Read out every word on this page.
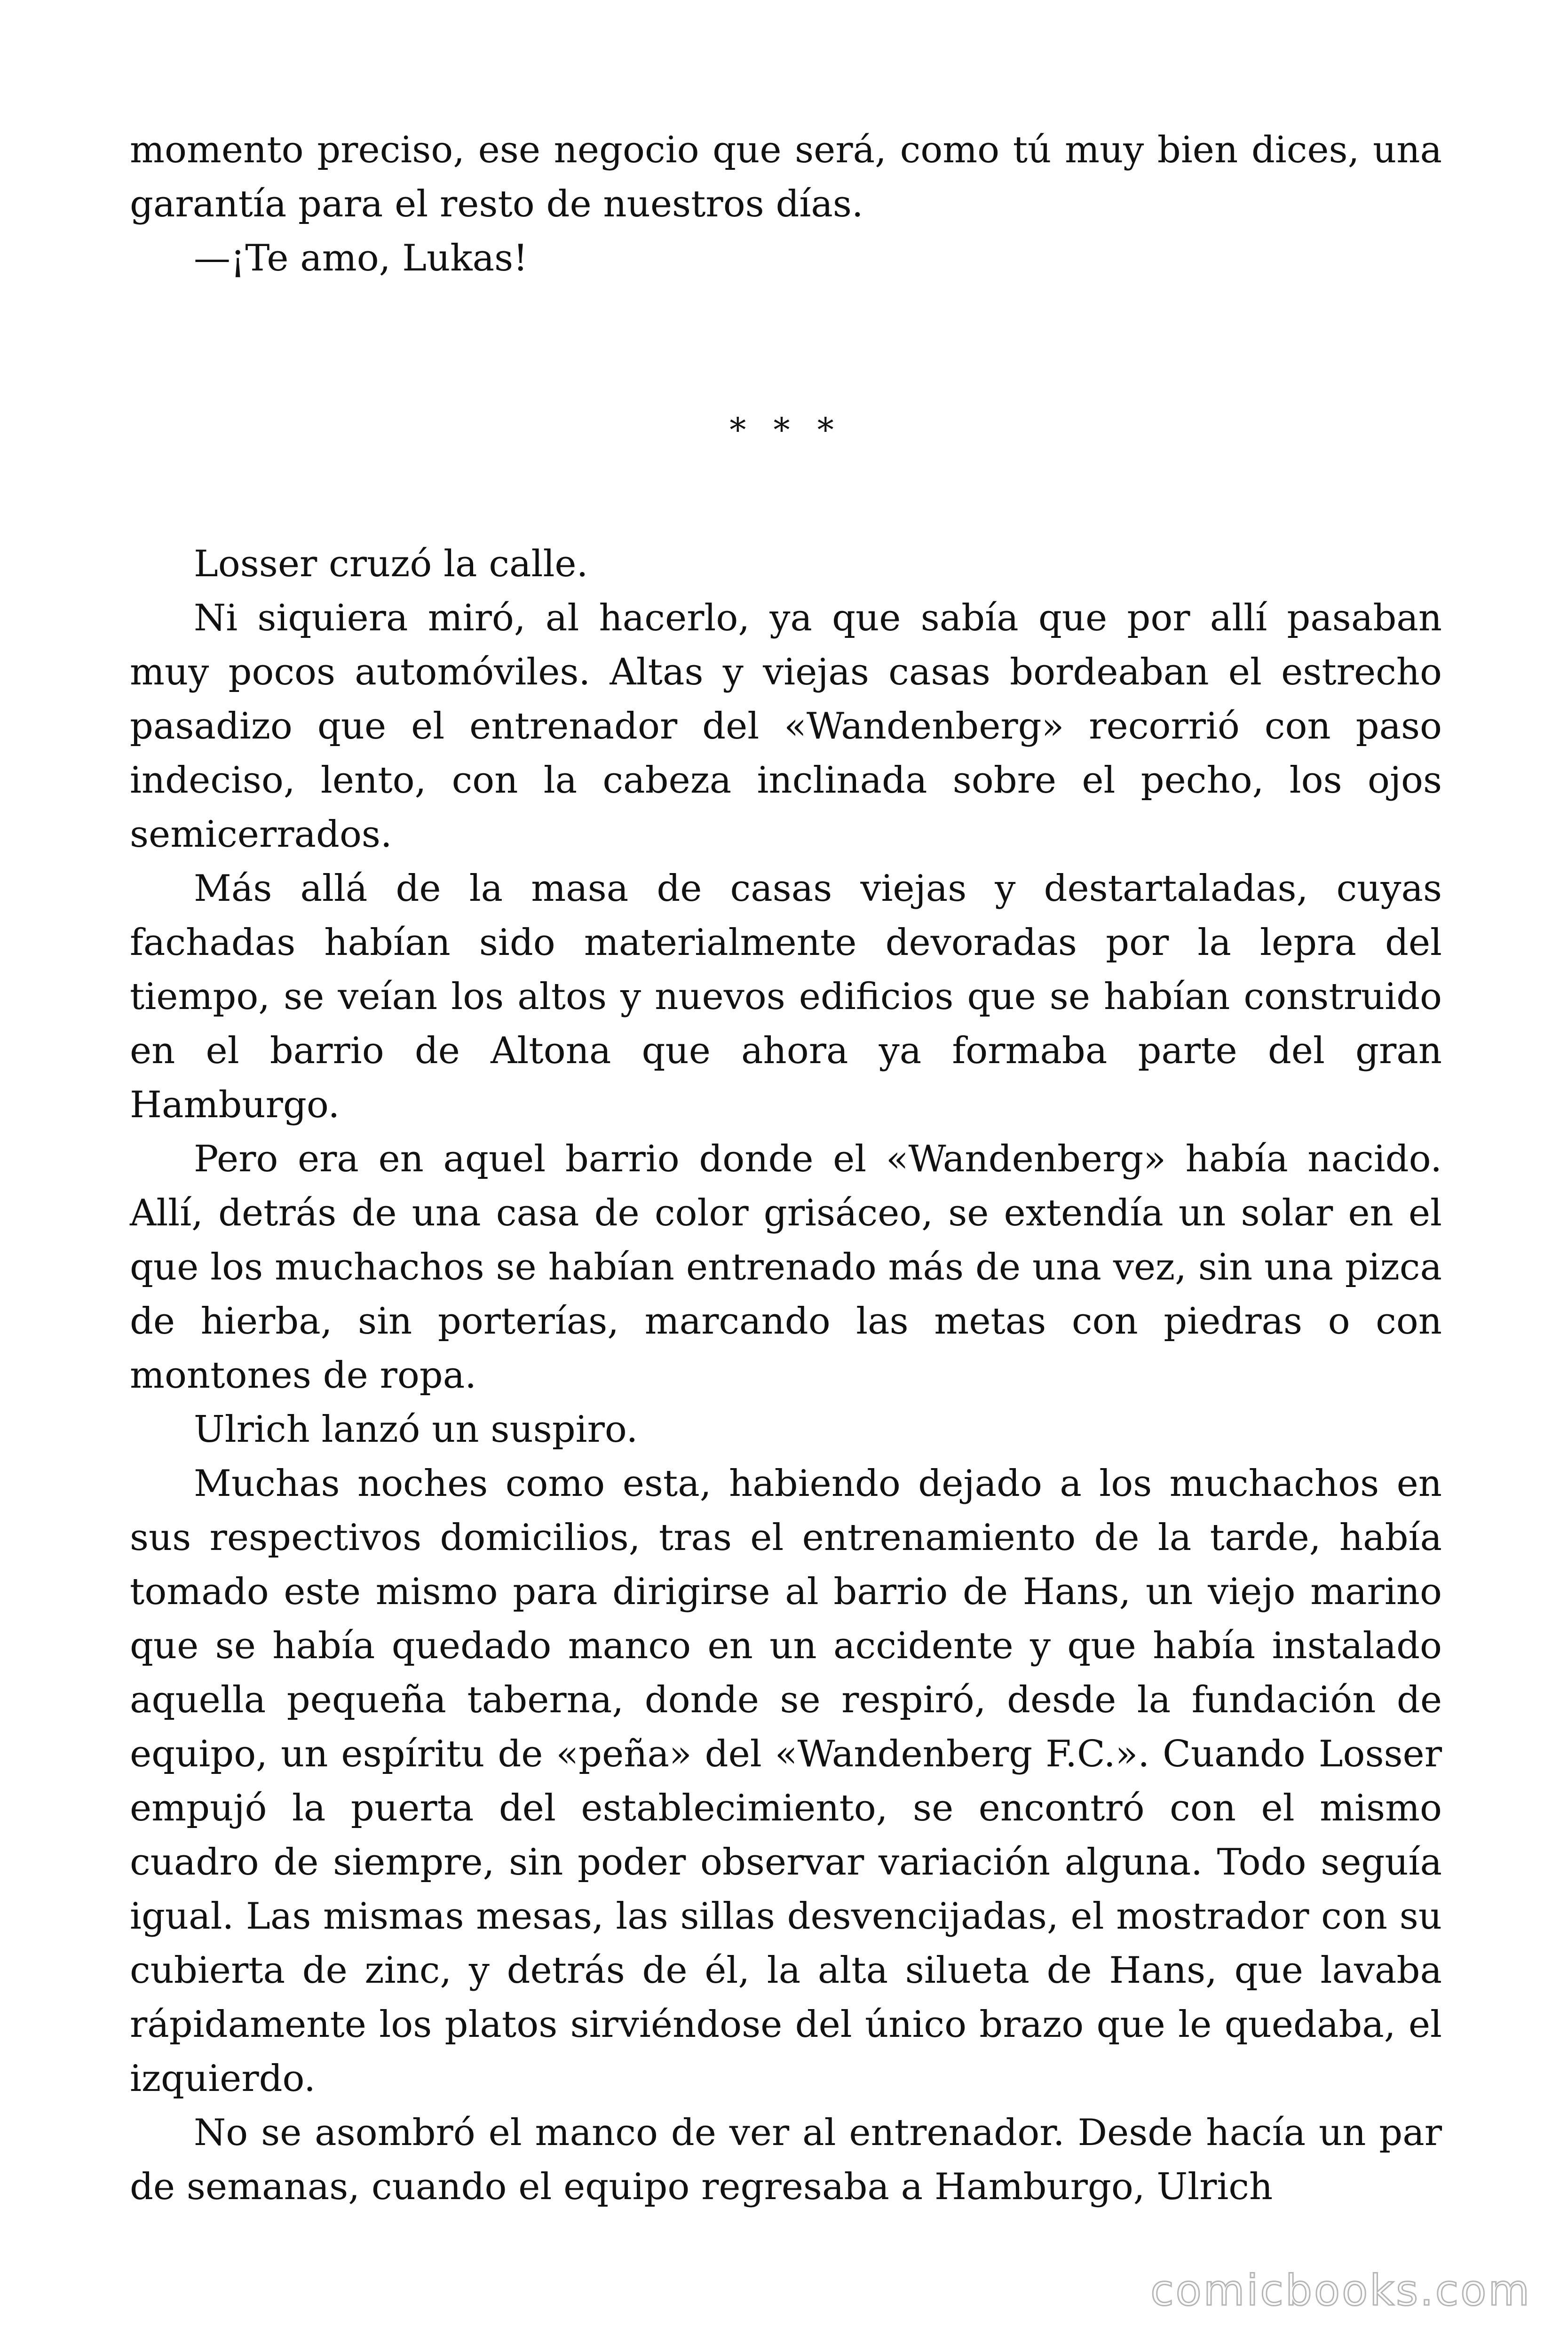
momento preciso, ese negocio que será, como tú muy bien dices, una garantía para el resto de nuestros días.

—¡Te amo, Lukas!

* * *

Losser cruzó la calle.

Ni siquiera miró, al hacerlo, ya que sabía que por allí pasaban muy pocos automóviles. Altas y viejas casas bordeaban el estrecho pasadizo que el entrenador del «Wandenberg» recorrió con paso indeciso, lento, con la cabeza inclinada sobre el pecho, los ojos semicerrados.

Más allá de la masa de casas viejas y destartaladas, cuyas fachadas habían sido materialmente devoradas por la lepra del tiempo, se veían los altos y nuevos edificios que se habían construido en el barrio de Altona que ahora ya formaba parte del gran Hamburgo.

Pero era en aquel barrio donde el «Wandenberg» había nacido. Allí, detrás de una casa de color grisáceo, se extendía un solar en el que los muchachos se habían entrenado más de una vez, sin una pizca de hierba, sin porterías, marcando las metas con piedras o con montones de ropa.

Ulrich lanzó un suspiro.

Muchas noches como esta, habiendo dejado a los muchachos en sus respectivos domicilios, tras el entrenamiento de la tarde, había tomado este mismo para dirigirse al barrio de Hans, un viejo marino que se había quedado manco en un accidente y que había instalado aquella pequeña taberna, donde se respiró, desde la fundación de equipo, un espíritu de «peña» del «Wandenberg F.C.». Cuando Losser empujó la puerta del establecimiento, se encontró con el mismo cuadro de siempre, sin poder observar variación alguna. Todo seguía igual. Las mismas mesas, las sillas desvencijadas, el mostrador con su cubierta de zinc, y detrás de él, la alta silueta de Hans, que lavaba rápidamente los platos sirviéndose del único brazo que le quedaba, el izquierdo.

No se asombró el manco de ver al entrenador. Desde hacía un par de semanas, cuando el equipo regresaba a Hamburgo, Ulrich

comicbooks.com
